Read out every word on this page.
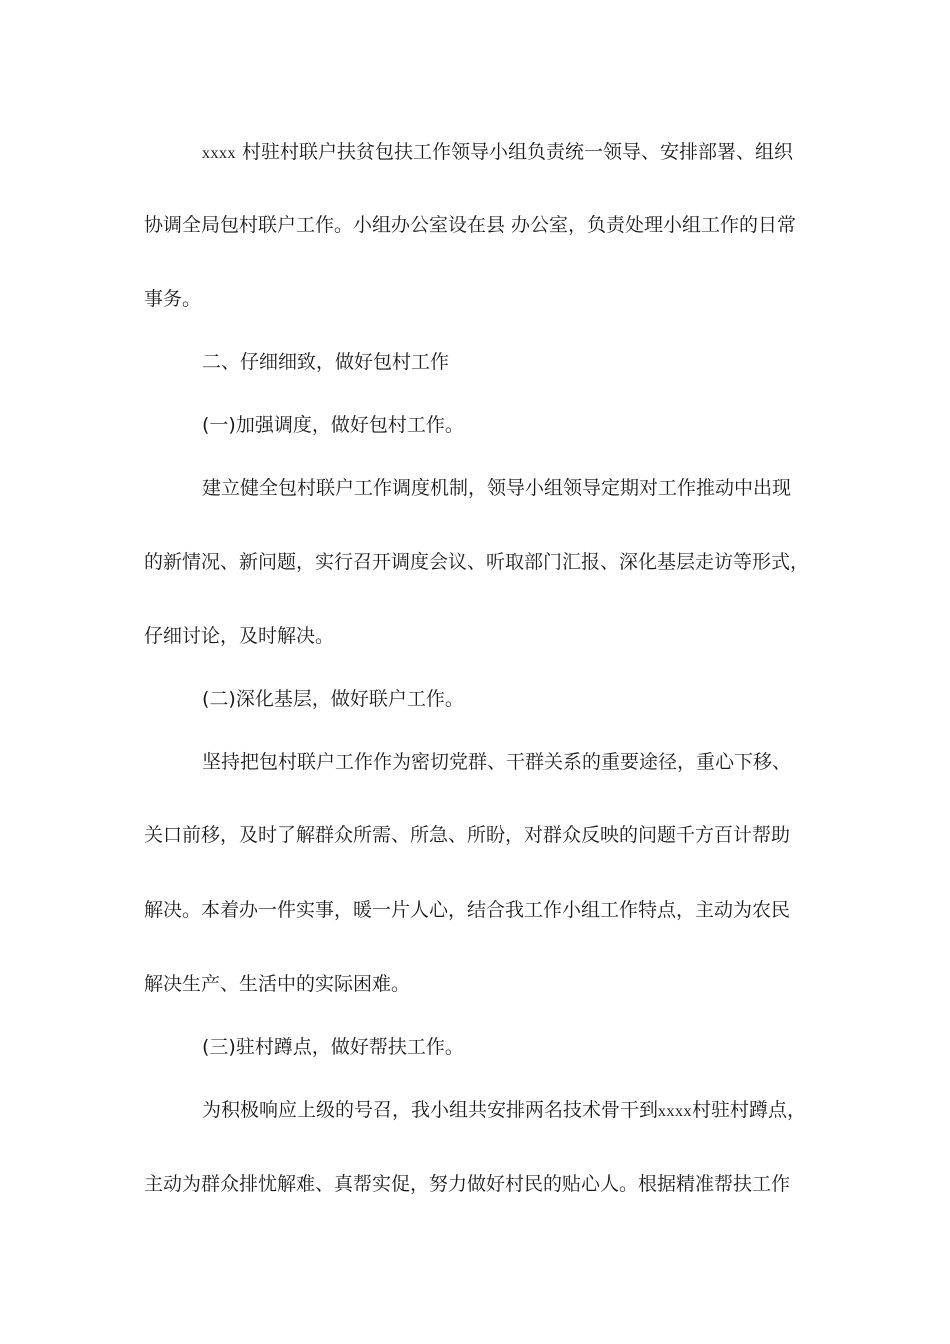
xxxx 村驻村联户扶贫包扶工作领导小组负责统一领导、安排部署、组织
协调全局包村联户工作。小组办公室设在县 办公室，负责处理小组工作的日常
事务。
二、仔细细致，做好包村工作
(一)加强调度，做好包村工作。
建立健全包村联户工作调度机制，领导小组领导定期对工作推动中出现
的新情况、新问题，实行召开调度会议、听取部门汇报、深化基层走访等形式，
仔细讨论，及时解决。
(二)深化基层，做好联户工作。
坚持把包村联户工作作为密切党群、干群关系的重要途径，重心下移、
关口前移，及时了解群众所需、所急、所盼，对群众反映的问题千方百计帮助
解决。本着办一件实事，暖一片人心，结合我工作小组工作特点，主动为农民
解决生产、生活中的实际困难。
(三)驻村蹲点，做好帮扶工作。
为积极响应上级的号召，我小组共安排两名技术骨干到xxxx村驻村蹲点，
主动为群众排忧解难、真帮实促，努力做好村民的贴心人。根据精准帮扶工作
